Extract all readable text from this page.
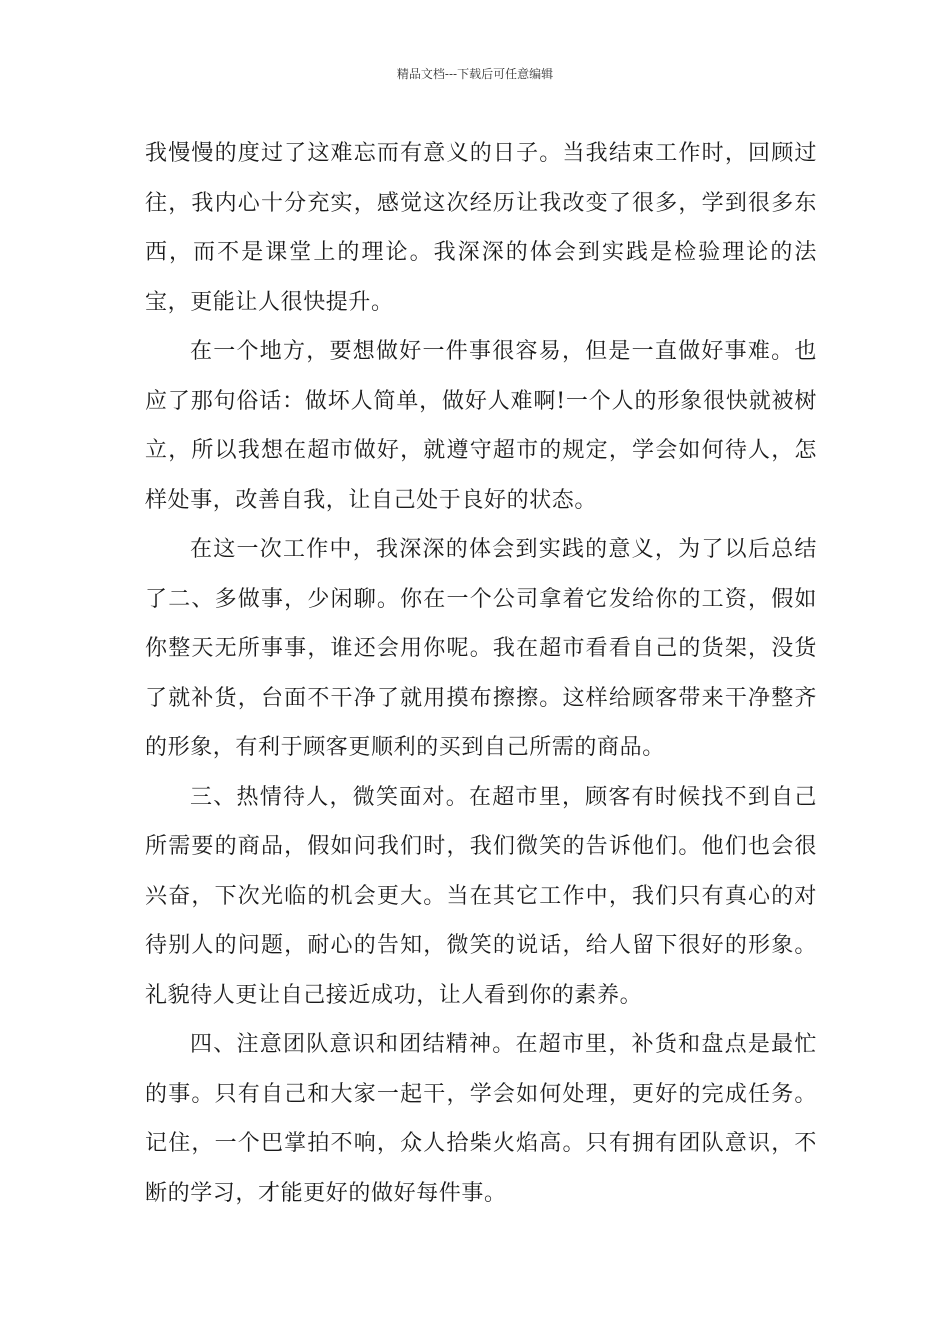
精品文档---下载后可任意编辑

我慢慢的度过了这难忘而有意义的日子。当我结束工作时，回顾过往，我内心十分充实，感觉这次经历让我改变了很多，学到很多东西，而不是课堂上的理论。我深深的体会到实践是检验理论的法宝，更能让人很快提升。

在一个地方，要想做好一件事很容易，但是一直做好事难。也应了那句俗话：做坏人简单，做好人难啊!一个人的形象很快就被树立，所以我想在超市做好，就遵守超市的规定，学会如何待人，怎样处事，改善自我，让自己处于良好的状态。

在这一次工作中，我深深的体会到实践的意义，为了以后总结了二、多做事，少闲聊。你在一个公司拿着它发给你的工资，假如你整天无所事事，谁还会用你呢。我在超市看看自己的货架，没货了就补货，台面不干净了就用摸布擦擦。这样给顾客带来干净整齐的形象，有利于顾客更顺利的买到自己所需的商品。

三、热情待人，微笑面对。在超市里，顾客有时候找不到自己所需要的商品，假如问我们时，我们微笑的告诉他们。他们也会很兴奋，下次光临的机会更大。当在其它工作中，我们只有真心的对待别人的问题，耐心的告知，微笑的说话，给人留下很好的形象。礼貌待人更让自己接近成功，让人看到你的素养。

四、注意团队意识和团结精神。在超市里，补货和盘点是最忙的事。只有自己和大家一起干，学会如何处理，更好的完成任务。记住，一个巴掌拍不响，众人拾柴火焰高。只有拥有团队意识，不断的学习，才能更好的做好每件事。
